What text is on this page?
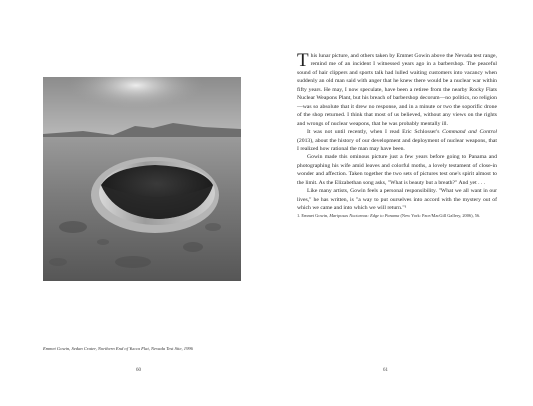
Emmet Gowin, Sedan Crater, Northern End of Yucca Flat, Nevada Test Site, 1996
60

This lunar picture, and others taken by Emmet Gowin above the Nevada test range, remind me of an incident I witnessed years ago in a barbershop. The peaceful sound of hair clippers and sports talk had lulled waiting customers into vacancy when suddenly an old man said with anger that he knew there would be a nuclear war within fifty years. He may, I now speculate, have been a retiree from the nearby Rocky Flats Nuclear Weapons Plant, but his breach of barbershop decorum—no politics, no religion—was so absolute that it drew no response, and in a minute or two the soporific drone of the shop returned. I think that most of us believed, without any views on the rights and wrongs of nuclear weapons, that he was probably mentally ill.

It was not until recently, when I read Eric Schlosser's Command and Control (2013), about the history of our development and deployment of nuclear weapons, that I realized how rational the man may have been.

Gowin made this ominous picture just a few years before going to Panama and photographing his wife amid leaves and colorful moths, a lovely testament of close-in wonder and affection. Taken together the two sets of pictures test one's spirit almost to the limit. As the Elizabethan song asks, "What is beauty but a breath?" And yet . . .

Like many artists, Gowin feels a personal responsibility. "What we all want in our lives," he has written, is "a way to put ourselves into accord with the mystery out of which we came and into which we will return."¹

1. Emmet Gowin, Mariposas Nocturnas: Edge to Panama (New York: Pace/MacGill Gallery, 2006), 56.

61
